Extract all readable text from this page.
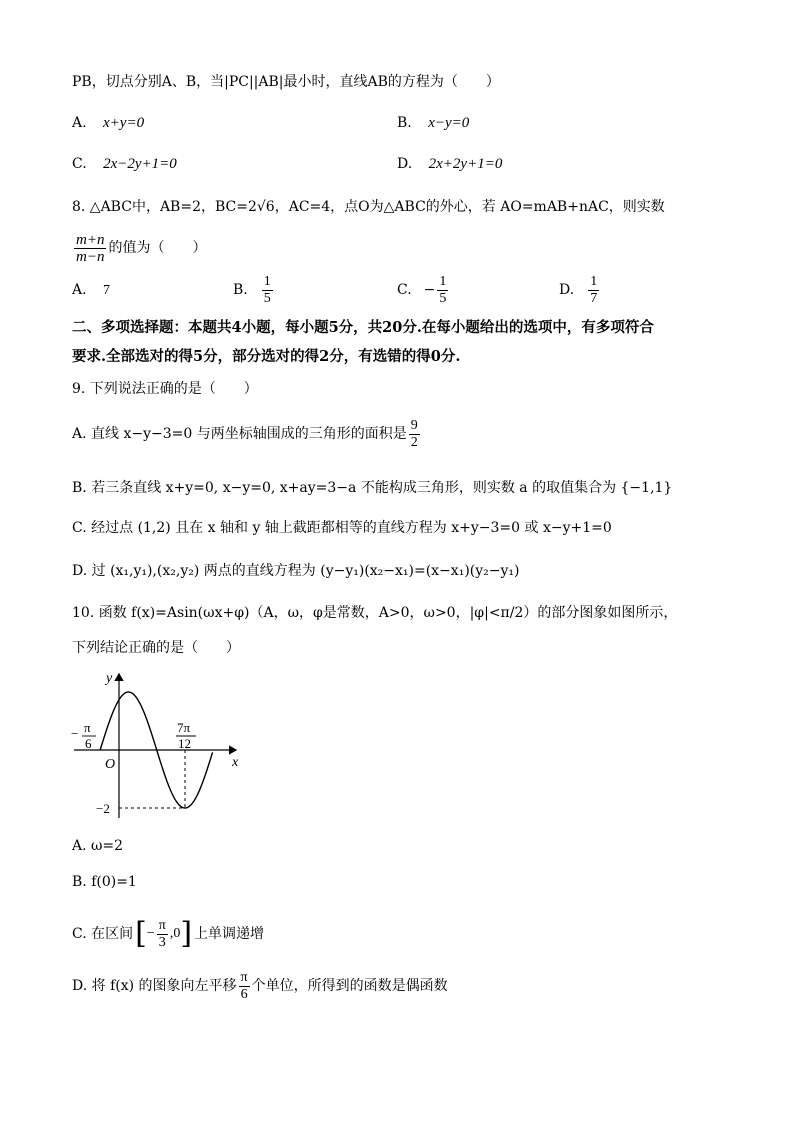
PB，切点分别A、B，当|PC||AB|最小时，直线AB的方程为（　　）
A. x+y=0	B. x−y=0
C. 2x−2y+1=0	D. 2x+2y+1=0
8. △ABC中，AB=2，BC=2√6，AC=4，点O为△ABC的外心，若 AO=mAB+nAC，则实数
$\frac{m+n}{m-n}$ 的值为（　　）
A. 7	B. $\frac{1}{5}$	C. − $\frac{1}{5}$	D. $\frac{1}{7}$
二、多项选择题：本题共4小题，每小题5分，共20分.在每小题给出的选项中，有多项符合
要求.全部选对的得5分，部分选对的得2分，有选错的得0分.
9. 下列说法正确的是（　　）
A. 直线 x−y−3=0 与两坐标轴围成的三角形的面积是 $\frac{9}{2}$
B. 若三条直线 x+y=0, x−y=0, x+ay=3−a 不能构成三角形，则实数 a 的取值集合为 {−1,1}
C. 经过点 (1,2) 且在 x 轴和 y 轴上截距都相等的直线方程为 x+y−3=0 或 x−y+1=0
D. 过 (x₁,y₁),(x₂,y₂) 两点的直线方程为 (y−y₁)(x₂−x₁)=(x−x₁)(y₂−y₁)
10. 函数 f(x)=Asin(ωx+φ)（A，ω，φ是常数，A>0，ω>0，|φ|<π/2）的部分图象如图所示，
下列结论正确的是（　　）
y
x
O
− π
6
7π
12
−2
A. ω=2
B. f(0)=1
C. 在区间 [ − $\frac{\pi}{3} ,0$ ] 上单调递增
D. 将 f(x) 的图象向左平移 $\frac{\pi}{6}$ 个单位，所得到的函数是偶函数
